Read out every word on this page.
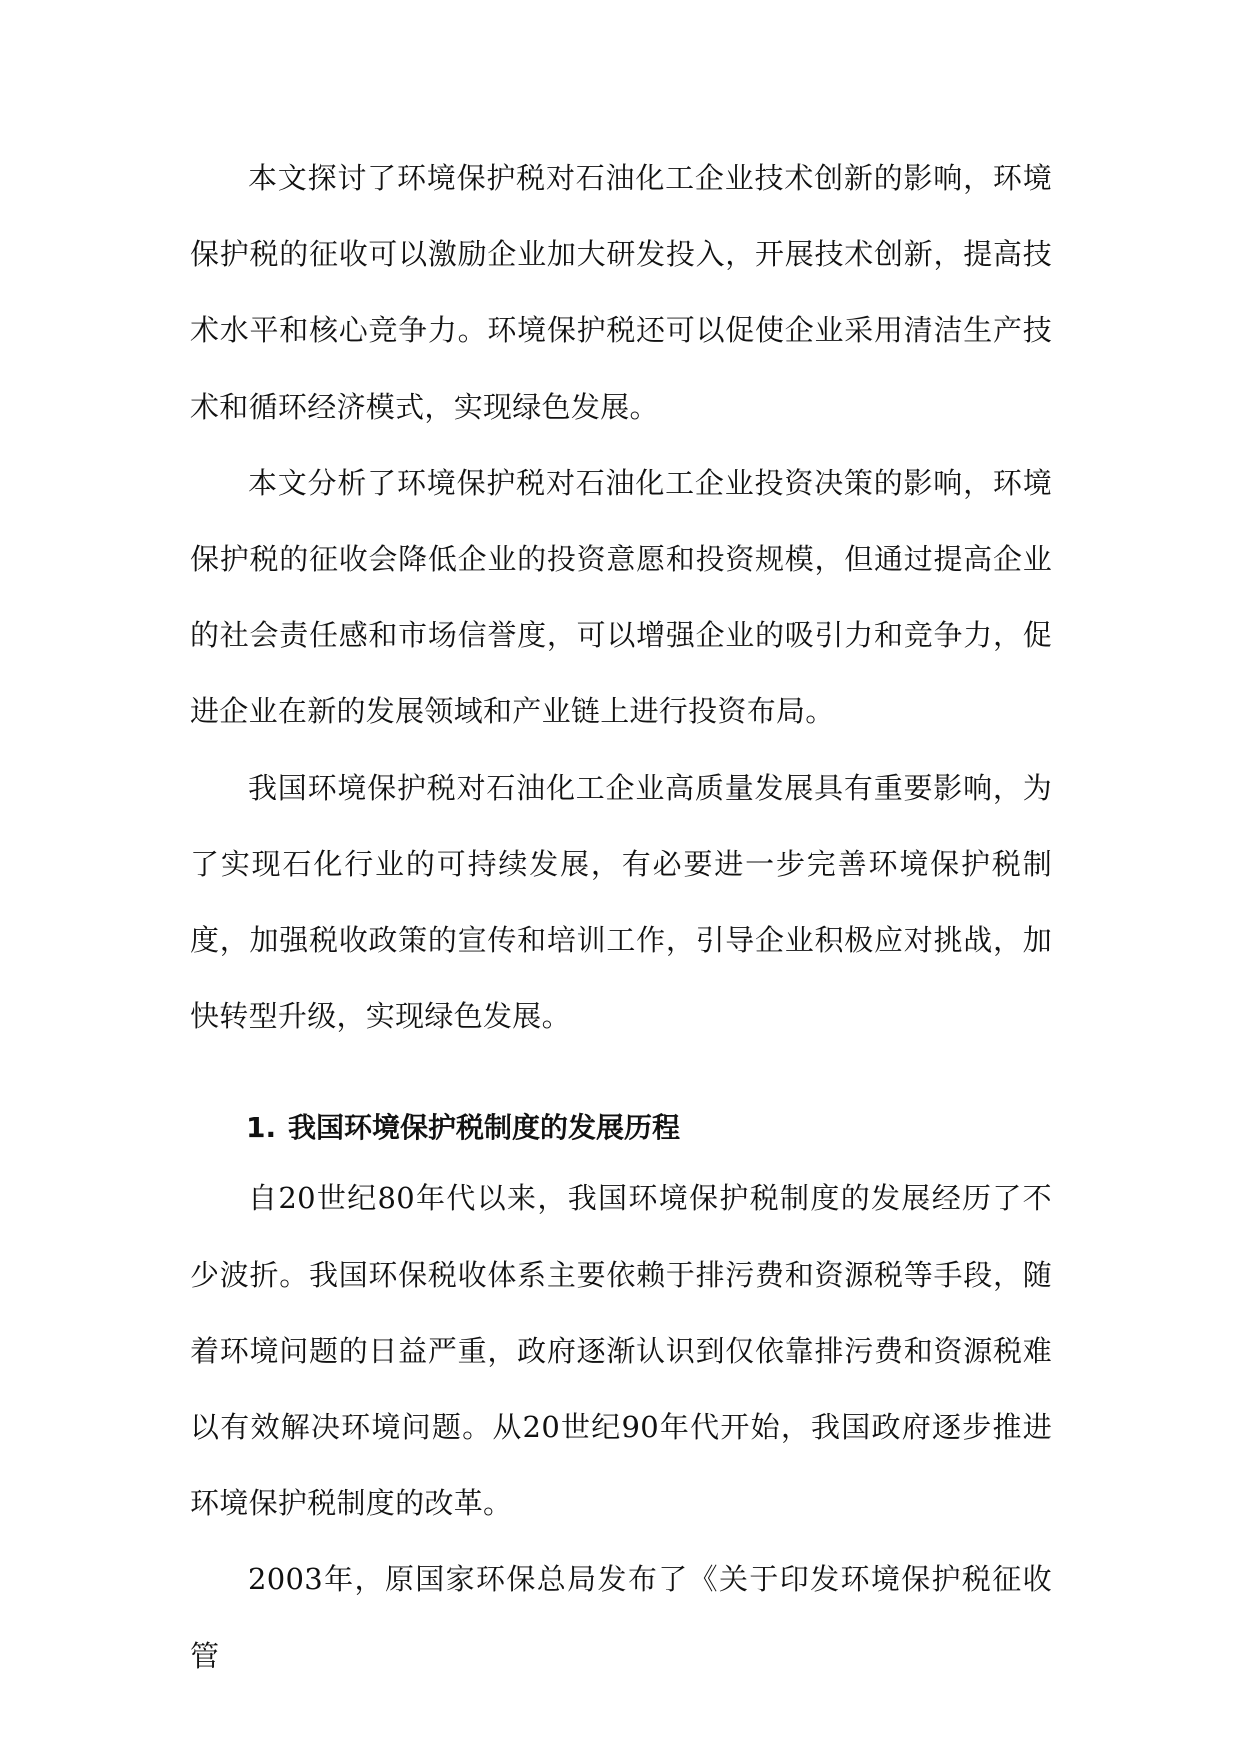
本文探讨了环境保护税对石油化工企业技术创新的影响，环境保护税的征收可以激励企业加大研发投入，开展技术创新，提高技术水平和核心竞争力。环境保护税还可以促使企业采用清洁生产技术和循环经济模式，实现绿色发展。

本文分析了环境保护税对石油化工企业投资决策的影响，环境保护税的征收会降低企业的投资意愿和投资规模，但通过提高企业的社会责任感和市场信誉度，可以增强企业的吸引力和竞争力，促进企业在新的发展领域和产业链上进行投资布局。

我国环境保护税对石油化工企业高质量发展具有重要影响，为了实现石化行业的可持续发展，有必要进一步完善环境保护税制度，加强税收政策的宣传和培训工作，引导企业积极应对挑战，加快转型升级，实现绿色发展。

1. 我国环境保护税制度的发展历程

自20世纪80年代以来，我国环境保护税制度的发展经历了不少波折。我国环保税收体系主要依赖于排污费和资源税等手段，随着环境问题的日益严重，政府逐渐认识到仅依靠排污费和资源税难以有效解决环境问题。从20世纪90年代开始，我国政府逐步推进环境保护税制度的改革。

2003年，原国家环保总局发布了《关于印发环境保护税征收管
